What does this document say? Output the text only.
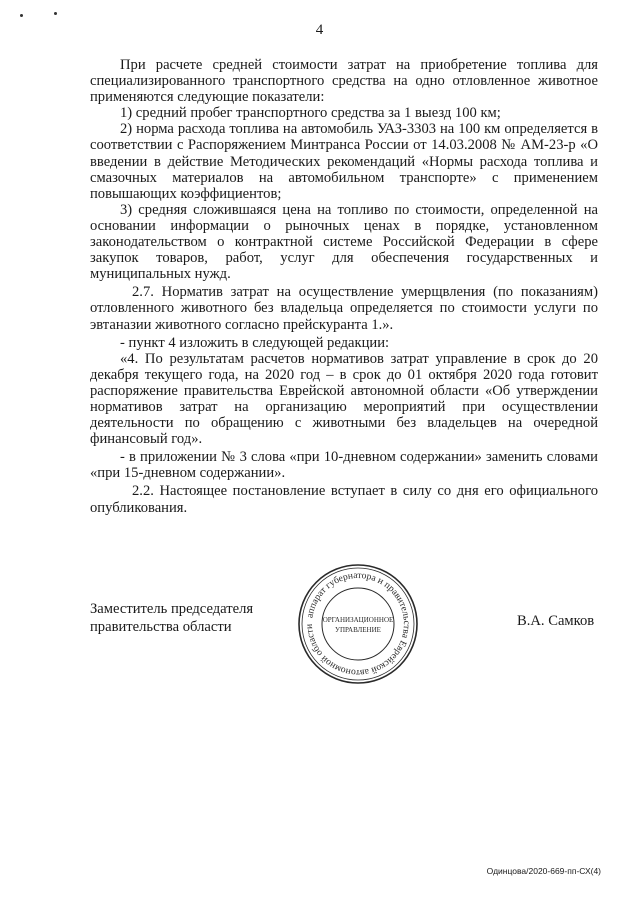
4

При расчете средней стоимости затрат на приобретение топлива для специализированного транспортного средства на одно отловленное животное применяются следующие показатели:

1) средний пробег транспортного средства за 1 выезд 100 км;

2) норма расхода топлива на автомобиль УАЗ-3303 на 100 км определяется в соответствии с Распоряжением Минтранса России от 14.03.2008 № АМ-23-р «О введении в действие Методических рекомендаций «Нормы расхода топлива и смазочных материалов на автомобильном транспорте» с применением повышающих коэффициентов;

3) средняя сложившаяся цена на топливо по стоимости, определенной на основании информации о рыночных ценах в порядке, установленном законодательством о контрактной системе Российской Федерации в сфере закупок товаров, работ, услуг для обеспечения государственных и муниципальных нужд.

2.7. Норматив затрат на осуществление умерщвления (по показаниям) отловленного животного без владельца определяется по стоимости услуги по эвтаназии животного согласно прейскуранта 1.».

- пункт 4 изложить в следующей редакции:

«4. По результатам расчетов нормативов затрат управление в срок до 20 декабря текущего года, на 2020 год – в срок до 01 октября 2020 года готовит распоряжение правительства Еврейской автономной области «Об утверждении нормативов затрат на организацию мероприятий при осуществлении деятельности по обращению с животными без владельцев на очередной финансовый год».

- в приложении № 3 слова «при 10-дневном содержании» заменить словами «при 15-дневном содержании».

2.2. Настоящее постановление вступает в силу со дня его официального опубликования.

Заместитель председателя
правительства области
аппарат губернатора и правительства Еврейской автономной области
ОРГАНИЗАЦИОННОЕ
УПРАВЛЕНИЕ
В.А. Самков
Одинцова/2020-669-пп-СХ(4)
